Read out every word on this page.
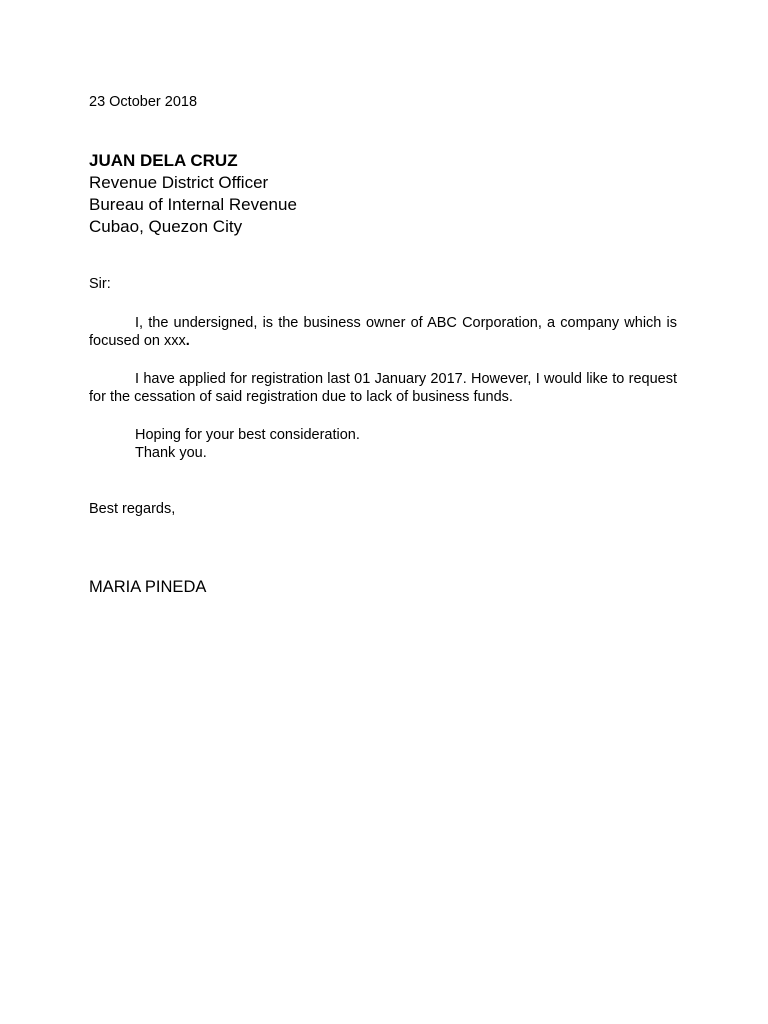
23 October 2018
JUAN DELA CRUZ
Revenue District Officer
Bureau of Internal Revenue
Cubao, Quezon City
Sir:
I, the undersigned, is the business owner of ABC Corporation, a company which is focused on xxx.
I have applied for registration last 01 January 2017. However, I would like to request for the cessation of said registration due to lack of business funds.
Hoping for your best consideration.
Thank you.
Best regards,
MARIA PINEDA
